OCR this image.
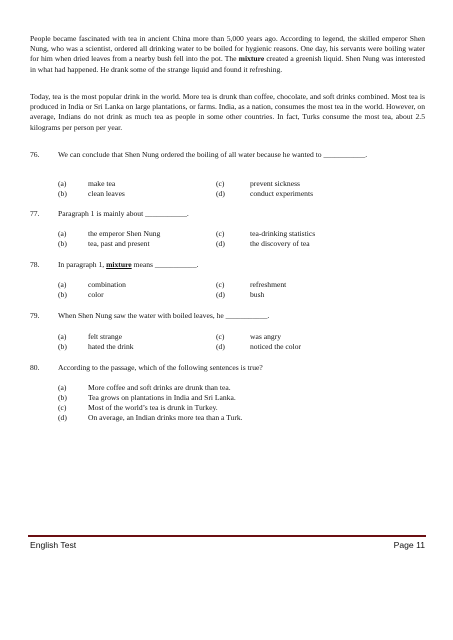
People became fascinated with tea in ancient China more than 5,000 years ago. According to legend, the skilled emperor Shen Nung, who was a scientist, ordered all drinking water to be boiled for hygienic reasons. One day, his servants were boiling water for him when dried leaves from a nearby bush fell into the pot. The mixture created a greenish liquid. Shen Nung was interested in what had happened. He drank some of the strange liquid and found it refreshing.
Today, tea is the most popular drink in the world. More tea is drunk than coffee, chocolate, and soft drinks combined. Most tea is produced in India or Sri Lanka on large plantations, or farms. India, as a nation, consumes the most tea in the world. However, on average, Indians do not drink as much tea as people in some other countries. In fact, Turks consume the most tea, about 2.5 kilograms per person per year.
76. We can conclude that Shen Nung ordered the boiling of all water because he wanted to ___________.
(a)	make tea
(b)	clean leaves
(c)	prevent sickness
(d)	conduct experiments
77. Paragraph 1 is mainly about ___________.
(a)	the emperor Shen Nung
(b)	tea, past and present
(c)	tea-drinking statistics
(d)	the discovery of tea
78. In paragraph 1, mixture means ___________.
(a)	combination
(b)	color
(c)	refreshment
(d)	bush
79. When Shen Nung saw the water with boiled leaves, he ___________.
(a)	felt strange
(b)	hated the drink
(c)	was angry
(d)	noticed the color
80. According to the passage, which of the following sentences is true?
(a)	More coffee and soft drinks are drunk than tea.
(b)	Tea grows on plantations in India and Sri Lanka.
(c)	Most of the world’s tea is drunk in Turkey.
(d)	On average, an Indian drinks more tea than a Turk.
English Test	Page 11
